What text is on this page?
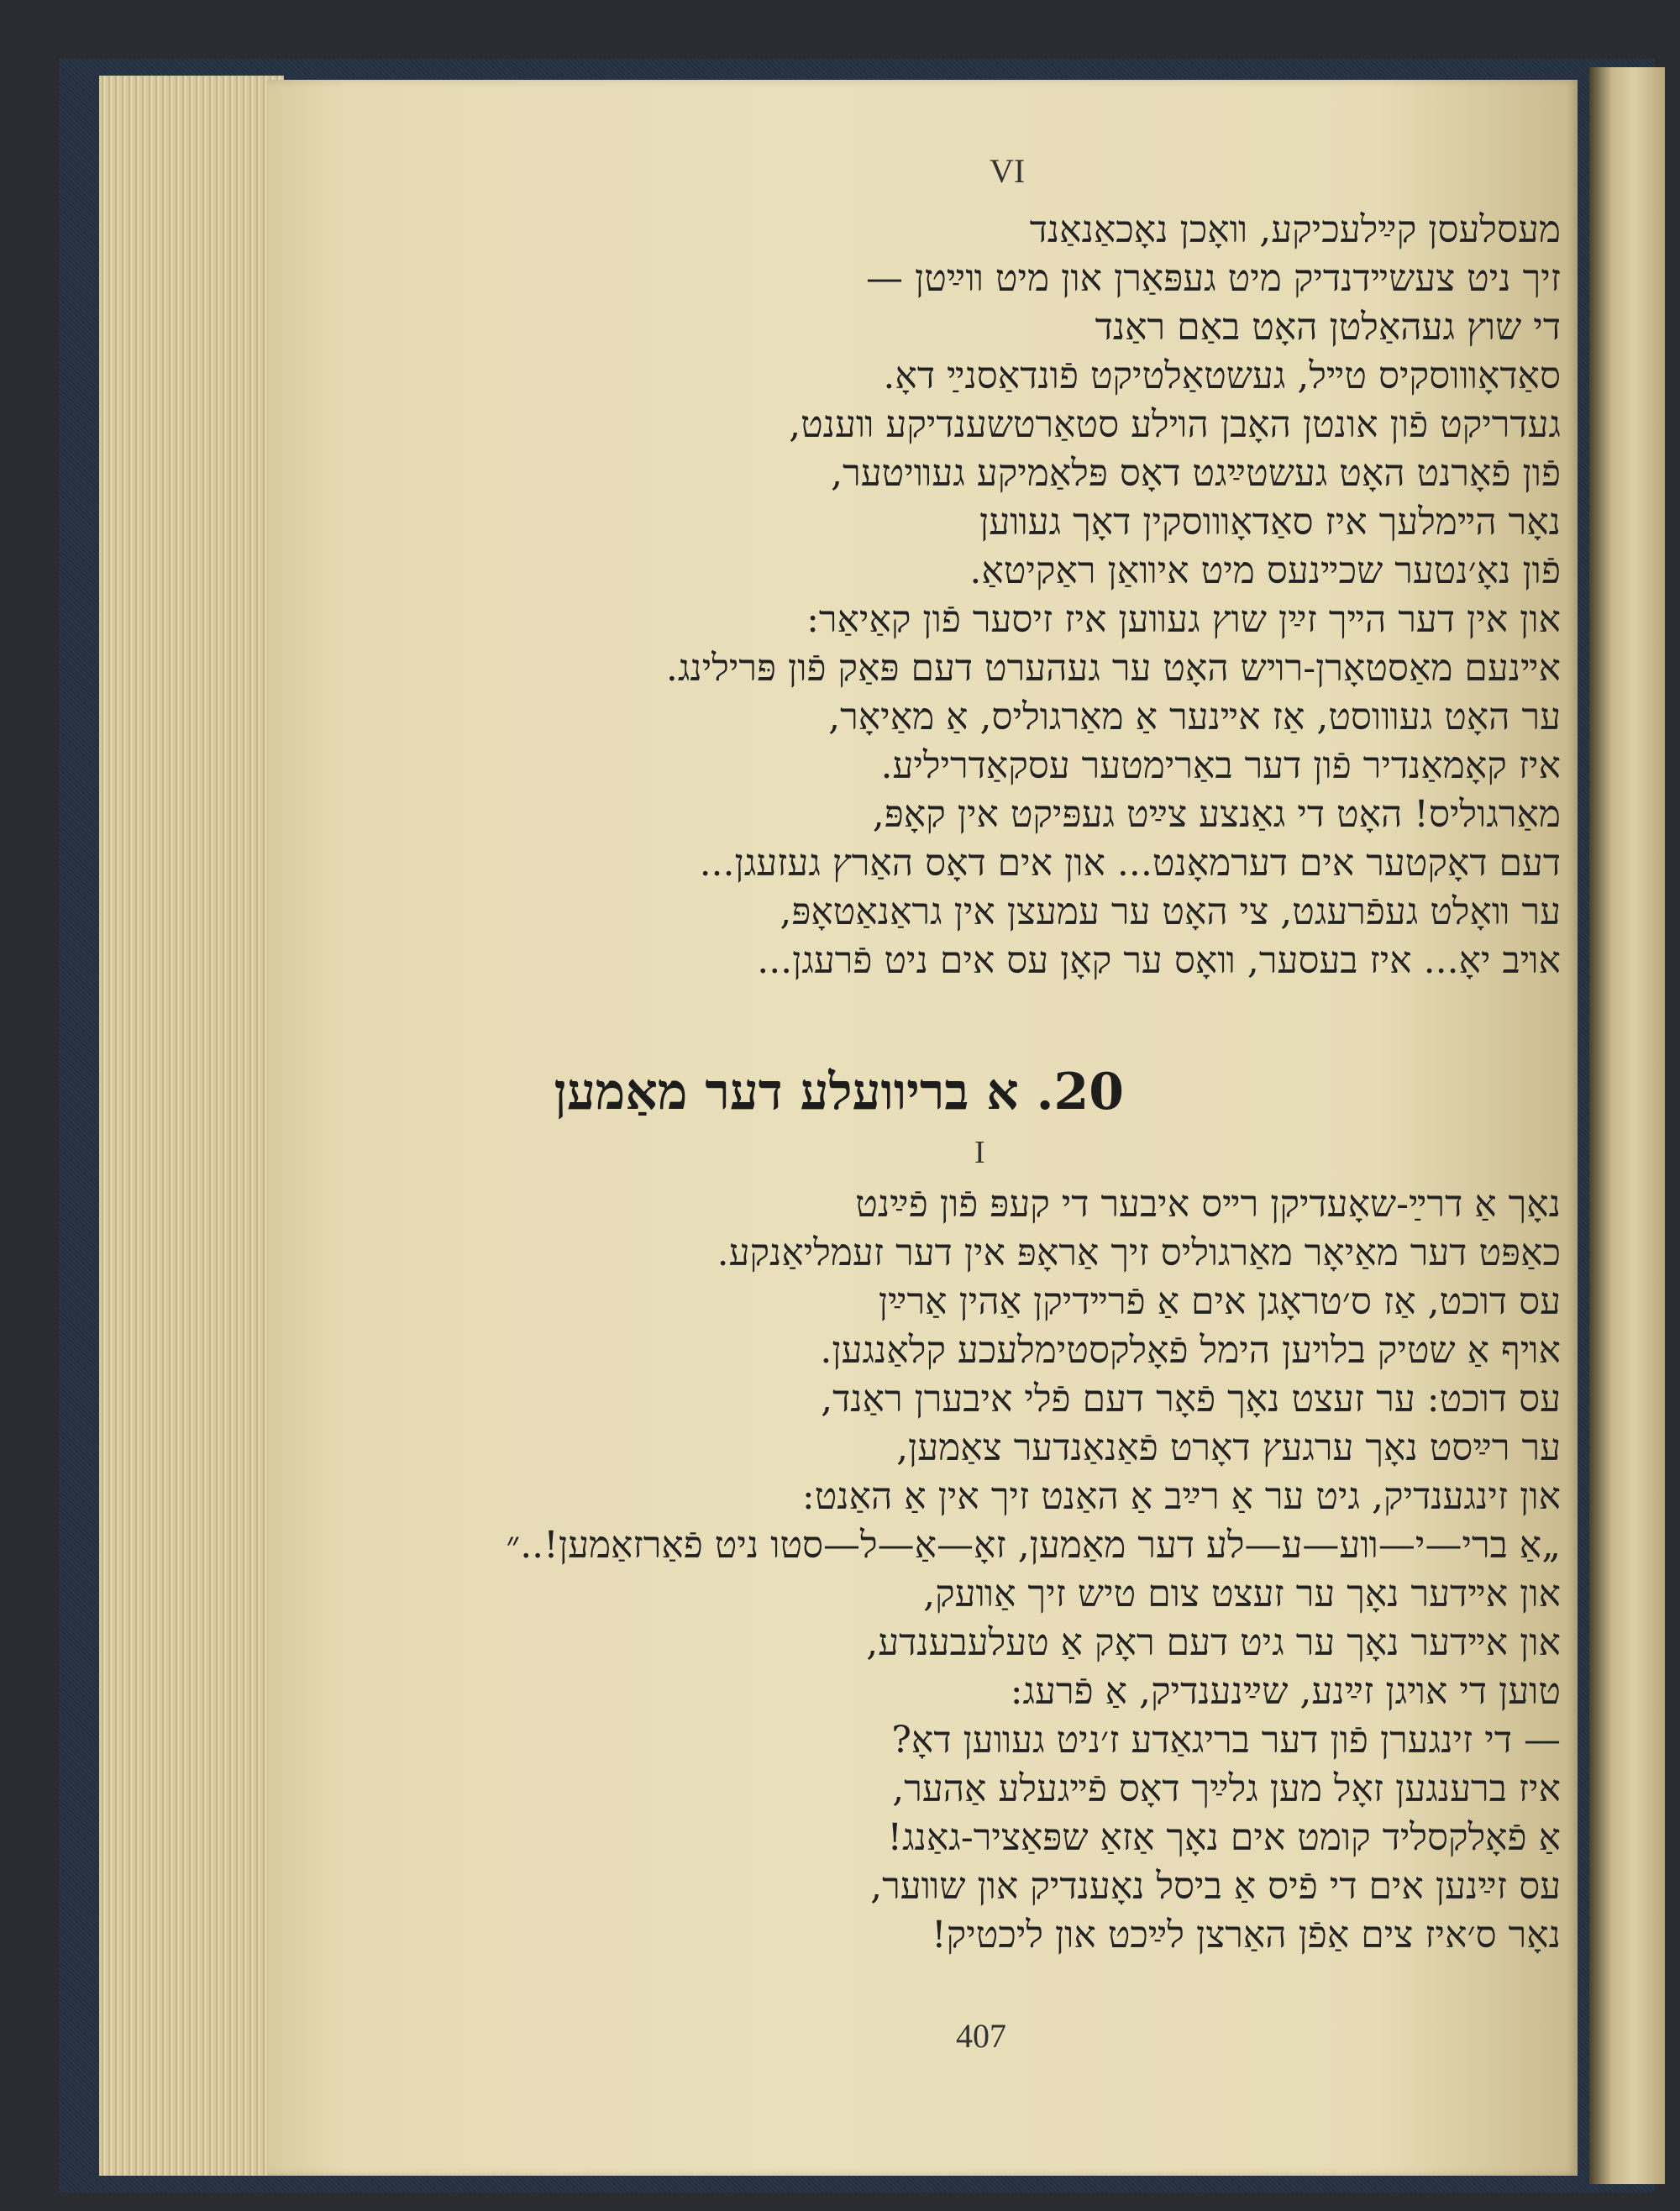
VI
מעסלעסן קײַלעכיקע, װאָכן נאָכאַנאַנד
זיך ניט צעשײדנדיק מיט געפּאַרן און מיט װײַטן —
די שוץ געהאַלטן האָט באַם ראַנד
סאַדאָװוסקיס טײל, געשטאַלטיקט פֿונדאַסנײַ דאָ.
געדריקט פֿון אונטן האָבן הױלע סטאַרטשענדיקע װענט,
פֿון פֿאָרנט האָט געשטײַגט דאָס פּלאַמיקע געװיטער,
נאָר הײמלעך איז סאַדאָװוסקין דאָך געװען
פֿון נאָ׳נטער שכײנעס מיט איװאַן ראַקיטאַ.
און אין דער הײך זײַן שוץ געװען איז זיסער פֿון קאַיאַר:
אײנעם מאַסטאָרן-רױש האָט ער געהערט דעם פּאַק פֿון פּרילינג.
ער האָט געװוסט, אַז אײנער אַ מאַרגוליס, אַ מאַיאָר,
איז קאָמאַנדיר פֿון דער באַרימטער עסקאַדריליע.
מאַרגוליס! האָט די גאַנצע צײַט געפּיקט אין קאָפּ,
דעם דאָקטער אים דערמאָנט... און אים דאָס האַרץ געזעגן...
ער װאָלט געפֿרעגט, צי האָט ער עמעצן אין גראַנאַטאָפּ,
אױב יאָ... איז בעסער, װאָס ער קאָן עס אים ניט פֿרעגן...
20. א בריוועלע דער מאַמען
I
נאָך אַ דרײַ-שאָעדיקן רײס איבער די קעפּ פֿון פֿײַנט
כאַפּט דער מאַיאָר מאַרגוליס זיך אַראָפּ אין דער זעמליאַנקע.
עס דוכט, אַז ס׳טראָגן אים אַ פֿרײדיקן אַהין אַרײַן
אױף אַ שטיק בלױען הימל פֿאָלקסטימלעכע קלאַנגען.
עס דוכט: ער זעצט נאָך פֿאָר דעם פֿלי איבערן ראַנד,
ער רײַסט נאָך ערגעץ דאָרט פֿאַנאַנדער צאַמען,
און זינגענדיק, גיט ער אַ רײַב אַ האַנט זיך אין אַ האַנט:
„אַ ברי—י—װע—ע—לע דער מאַמען, זאָ—אַ—ל—סטו ניט פֿאַרזאַמען!..״
און אײדער נאָך ער זעצט צום טיש זיך אַװעק,
און אײדער נאָך ער גיט דעם ראָק אַ טעלעבענדע,
טוען די אױגן זײַנע, שײַנענדיק, אַ פֿרעג:
— די זינגערן פֿון דער בריגאַדע ז׳ניט געװען דאָ?
איז ברענגען זאָל מען גלײַך דאָס פֿײגעלע אַהער,
אַ פֿאָלקסליד קומט אים נאָך אַזאַ שפּאַציר-גאַנג!
עס זײַנען אים די פֿיס אַ ביסל נאָענדיק און שװער,
נאָר ס׳איז צים אַפֿן האַרצן לײַכט און ליכטיק!
407
